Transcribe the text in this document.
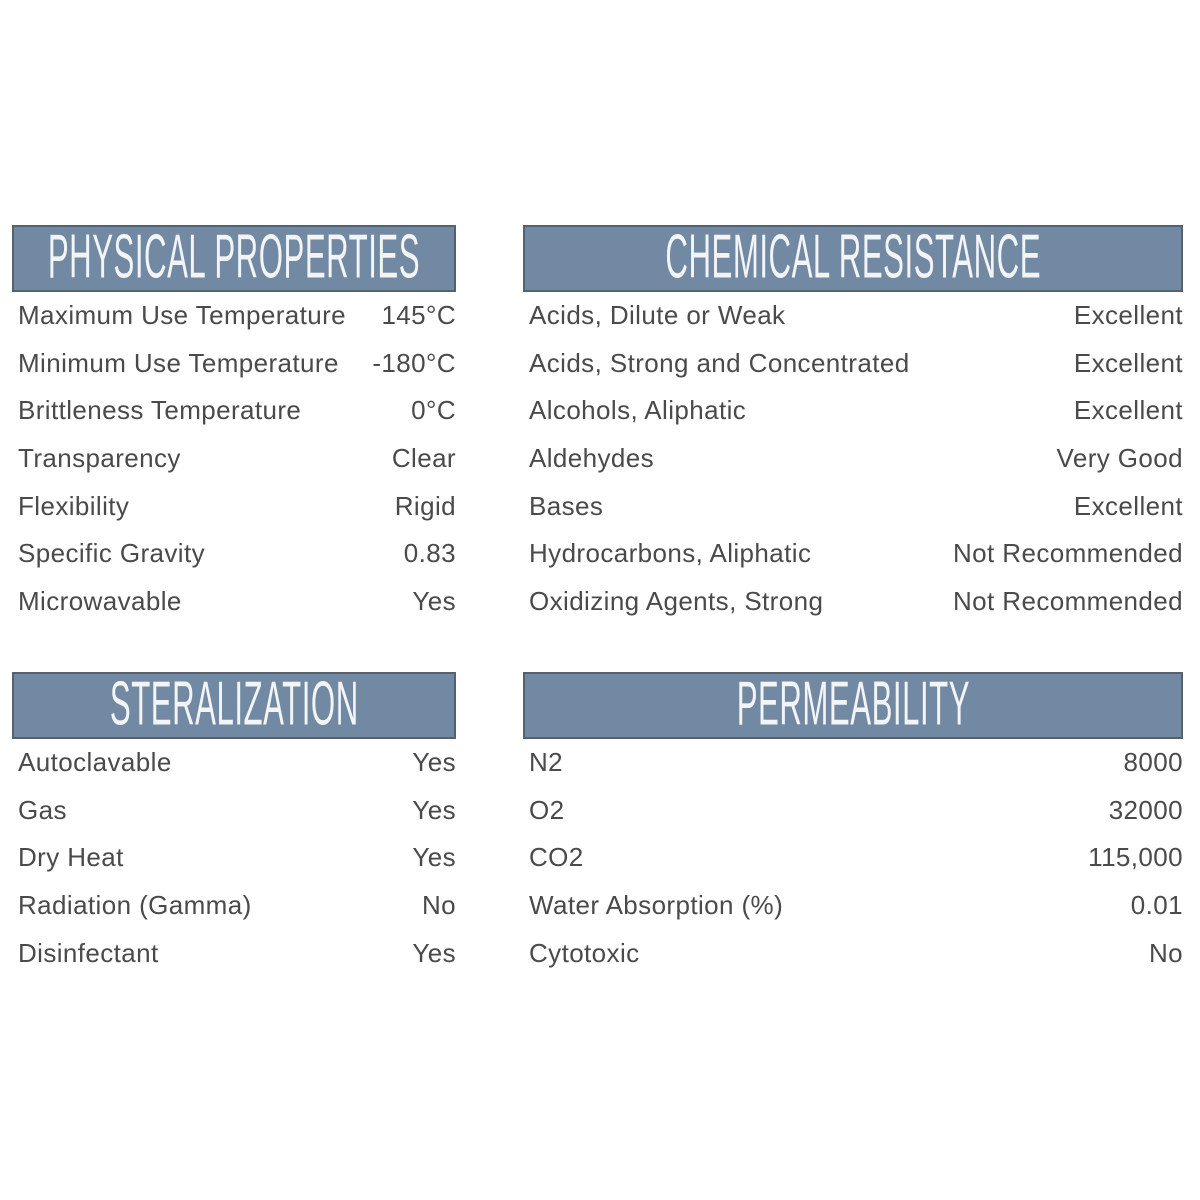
PHYSICAL PROPERTIES
Maximum Use Temperature 145°C
Minimum Use Temperature -180°C
Brittleness Temperature	0°C
Transparency	Clear
Flexibility	Rigid
Specific Gravity	0.83
Microwavable	Yes
CHEMICAL RESISTANCE
Acids, Dilute or Weak	Excellent
Acids, Strong and Concentrated	Excellent
Alcohols, Aliphatic	Excellent
Aldehydes	Very Good
Bases	Excellent
Hydrocarbons, Aliphatic	Not Recommended
Oxidizing Agents, Strong	Not Recommended
STERALIZATION
Autoclavable	Yes
Gas	Yes
Dry Heat	Yes
Radiation (Gamma)	No
Disinfectant	Yes
PERMEABILITY
N2	8000
O2	32000
CO2	115,000
Water Absorption (%)	0.01
Cytotoxic	No
